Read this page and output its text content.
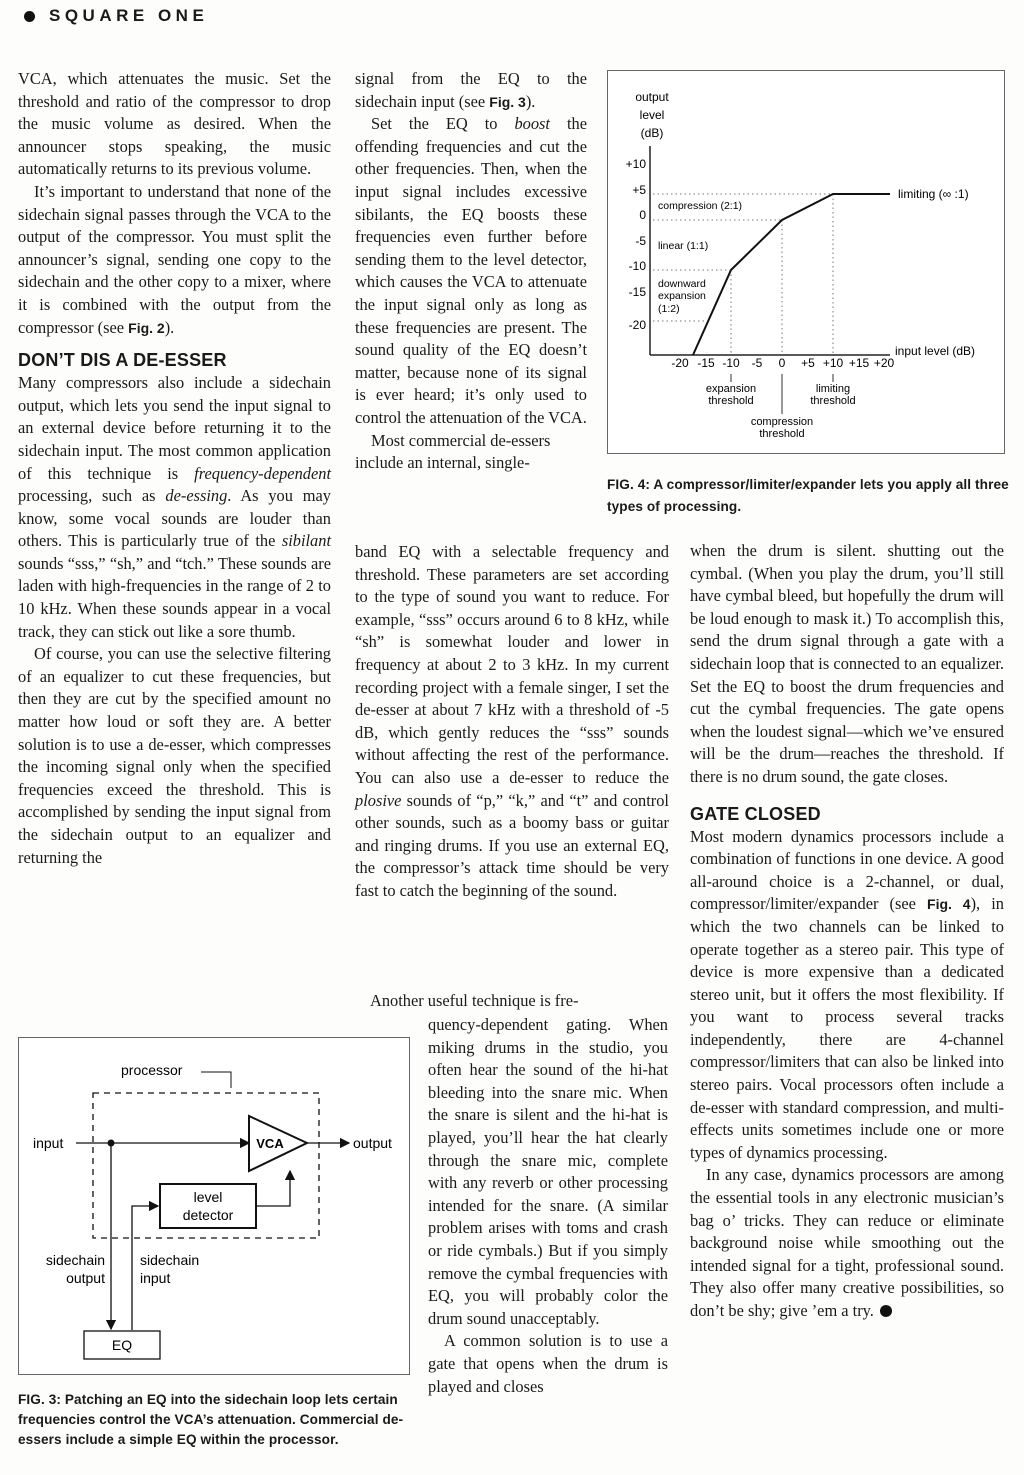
SQUARE ONE

VCA, which attenuates the music. Set the threshold and ratio of the compressor to drop the music volume as desired. When the announcer stops speaking, the music automatically returns to its previous volume.

It’s important to understand that none of the sidechain signal passes through the VCA to the output of the compressor. You must split the announcer’s signal, sending one copy to the sidechain and the other copy to a mixer, where it is combined with the output from the compressor (see Fig. 2).

DON’T DIS A DE-ESSER

Many compressors also include a sidechain output, which lets you send the input signal to an external device before returning it to the sidechain input. The most common application of this technique is frequency-dependent processing, such as de-essing. As you may know, some vocal sounds are louder than others. This is particularly true of the sibilant sounds “sss,” “sh,” and “tch.” These sounds are laden with high-frequencies in the range of 2 to 10 kHz. When these sounds appear in a vocal track, they can stick out like a sore thumb.

Of course, you can use the selective filtering of an equalizer to cut these frequencies, but then they are cut by the specified amount no matter how loud or soft they are. A better solution is to use a de-esser, which compresses the incoming signal only when the specified frequencies exceed the threshold. This is accomplished by sending the input signal from the sidechain output to an equalizer and returning the

signal from the EQ to the sidechain input (see Fig. 3).

Set the EQ to boost the offending frequencies and cut the other frequencies. Then, when the input signal includes excessive sibilants, the EQ boosts these frequencies even further before sending them to the level detector, which causes the VCA to attenuate the input signal only as long as these frequencies are present. The sound quality of the EQ doesn’t matter, because none of its signal is ever heard; it’s only used to control the attenuation of the VCA.

Most commercial de-essers include an internal, single-

band EQ with a selectable frequency and threshold. These parameters are set according to the type of sound you want to reduce. For example, “sss” occurs around 6 to 8 kHz, while “sh” is somewhat louder and lower in frequency at about 2 to 3 kHz. In my current recording project with a female singer, I set the de-esser at about 7 kHz with a threshold of -5 dB, which gently reduces the “sss” sounds without affecting the rest of the performance. You can also use a de-esser to reduce the plosive sounds of “p,” “k,” and “t” and control other sounds, such as a boomy bass or guitar and ringing drums. If you use an external EQ, the compressor’s attack time should be very fast to catch the beginning of the sound.

Another useful technique is fre-

quency-dependent gating. When miking drums in the studio, you often hear the sound of the hi-hat bleeding into the snare mic. When the snare is silent and the hi-hat is played, you’ll hear the hat clearly through the snare mic, complete with any reverb or other processing intended for the snare. (A similar problem arises with toms and crash or ride cymbals.) But if you simply remove the cymbal frequencies with EQ, you will probably color the drum sound unacceptably.

A common solution is to use a gate that opens when the drum is played and closes

when the drum is silent. shutting out the cymbal. (When you play the drum, you’ll still have cymbal bleed, but hopefully the drum will be loud enough to mask it.) To accomplish this, send the drum signal through a gate with a sidechain loop that is connected to an equalizer. Set the EQ to boost the drum frequencies and cut the cymbal frequencies. The gate opens when the loudest signal—which we’ve ensured will be the drum—reaches the threshold. If there is no drum sound, the gate closes.

GATE CLOSED

Most modern dynamics processors include a combination of functions in one device. A good all-around choice is a 2-channel, or dual, compressor/limiter/expander (see Fig. 4), in which the two channels can be linked to operate together as a stereo pair. This type of device is more expensive than a dedicated stereo unit, but it offers the most flexibility. If you want to process several tracks independently, there are 4-channel compressor/limiters that can also be linked into stereo pairs. Vocal processors often include a de-esser with standard compression, and multi-effects units sometimes include one or more types of dynamics processing.

In any case, dynamics processors are among the essential tools in any electronic musician’s bag o’ tricks. They can reduce or eliminate background noise while smoothing out the intended signal for a tight, professional sound. They also offer many creative possibilities, so don’t be shy; give ’em a try.

output
level
(dB)
+10
+5
0
-5
-10
-15
-20
-20 -15 -10 -5 0 +5 +10 +15 +20
input level (dB)
limiting (∞ :1)
compression (2:1)
linear (1:1)
downward
expansion
(1:2)
expansion
threshold
limiting
threshold
compression
threshold
FIG. 4: A compressor/limiter/expander lets you apply all three types of processing.
processor
input	VCA	output
level
detector
sidechain
output
sidechain
input
EQ
FIG. 3: Patching an EQ into the sidechain loop lets certain frequencies control the VCA’s attenuation. Commercial de-essers include a simple EQ within the processor.
